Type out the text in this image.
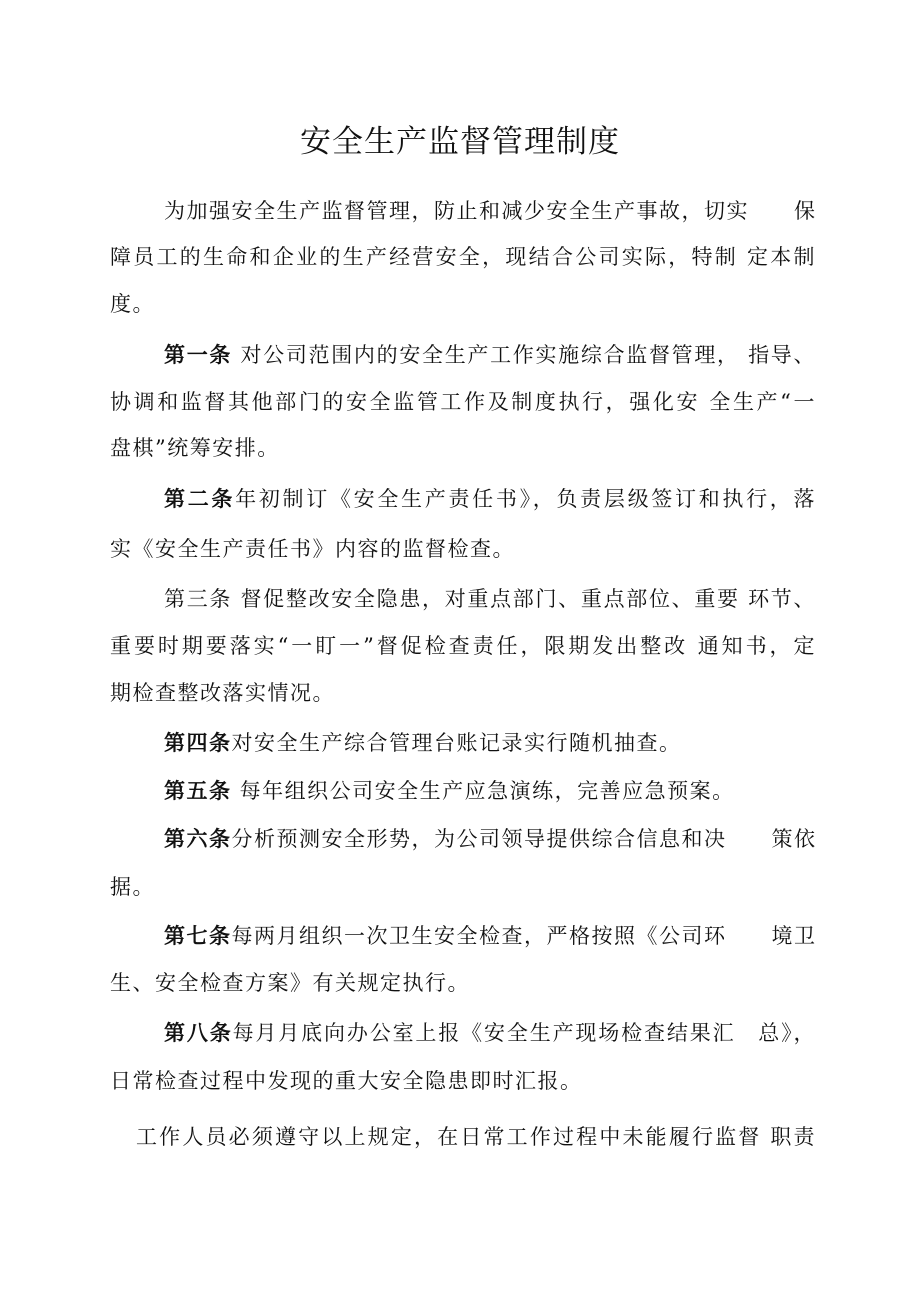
安全生产监督管理制度
为加强安全生产监督管理，防止和减少安全生产事故，切实　　保
障员工的生命和企业的生产经营安全，现结合公司实际，特制 定本制
度。
第一条 对公司范围内的安全生产工作实施综合监督管理， 指导、
协调和监督其他部门的安全监管工作及制度执行，强化安 全生产“一
盘棋”统筹安排。
第二条年初制订《安全生产责任书》，负责层级签订和执行，落
实《安全生产责任书》内容的监督检查。
第三条 督促整改安全隐患，对重点部门、重点部位、重要 环节、
重要时期要落实“一盯一”督促检查责任，限期发出整改 通知书，定
期检查整改落实情况。
第四条对安全生产综合管理台账记录实行随机抽查。
第五条 每年组织公司安全生产应急演练，完善应急预案。
第六条分析预测安全形势，为公司领导提供综合信息和决　　策依
据。
第七条每两月组织一次卫生安全检查，严格按照《公司环　　境卫
生、安全检查方案》有关规定执行。
第八条每月月底向办公室上报《安全生产现场检查结果汇　总》，
日常检查过程中发现的重大安全隐患即时汇报。
工作人员必须遵守以上规定，在日常工作过程中未能履行监督 职责
